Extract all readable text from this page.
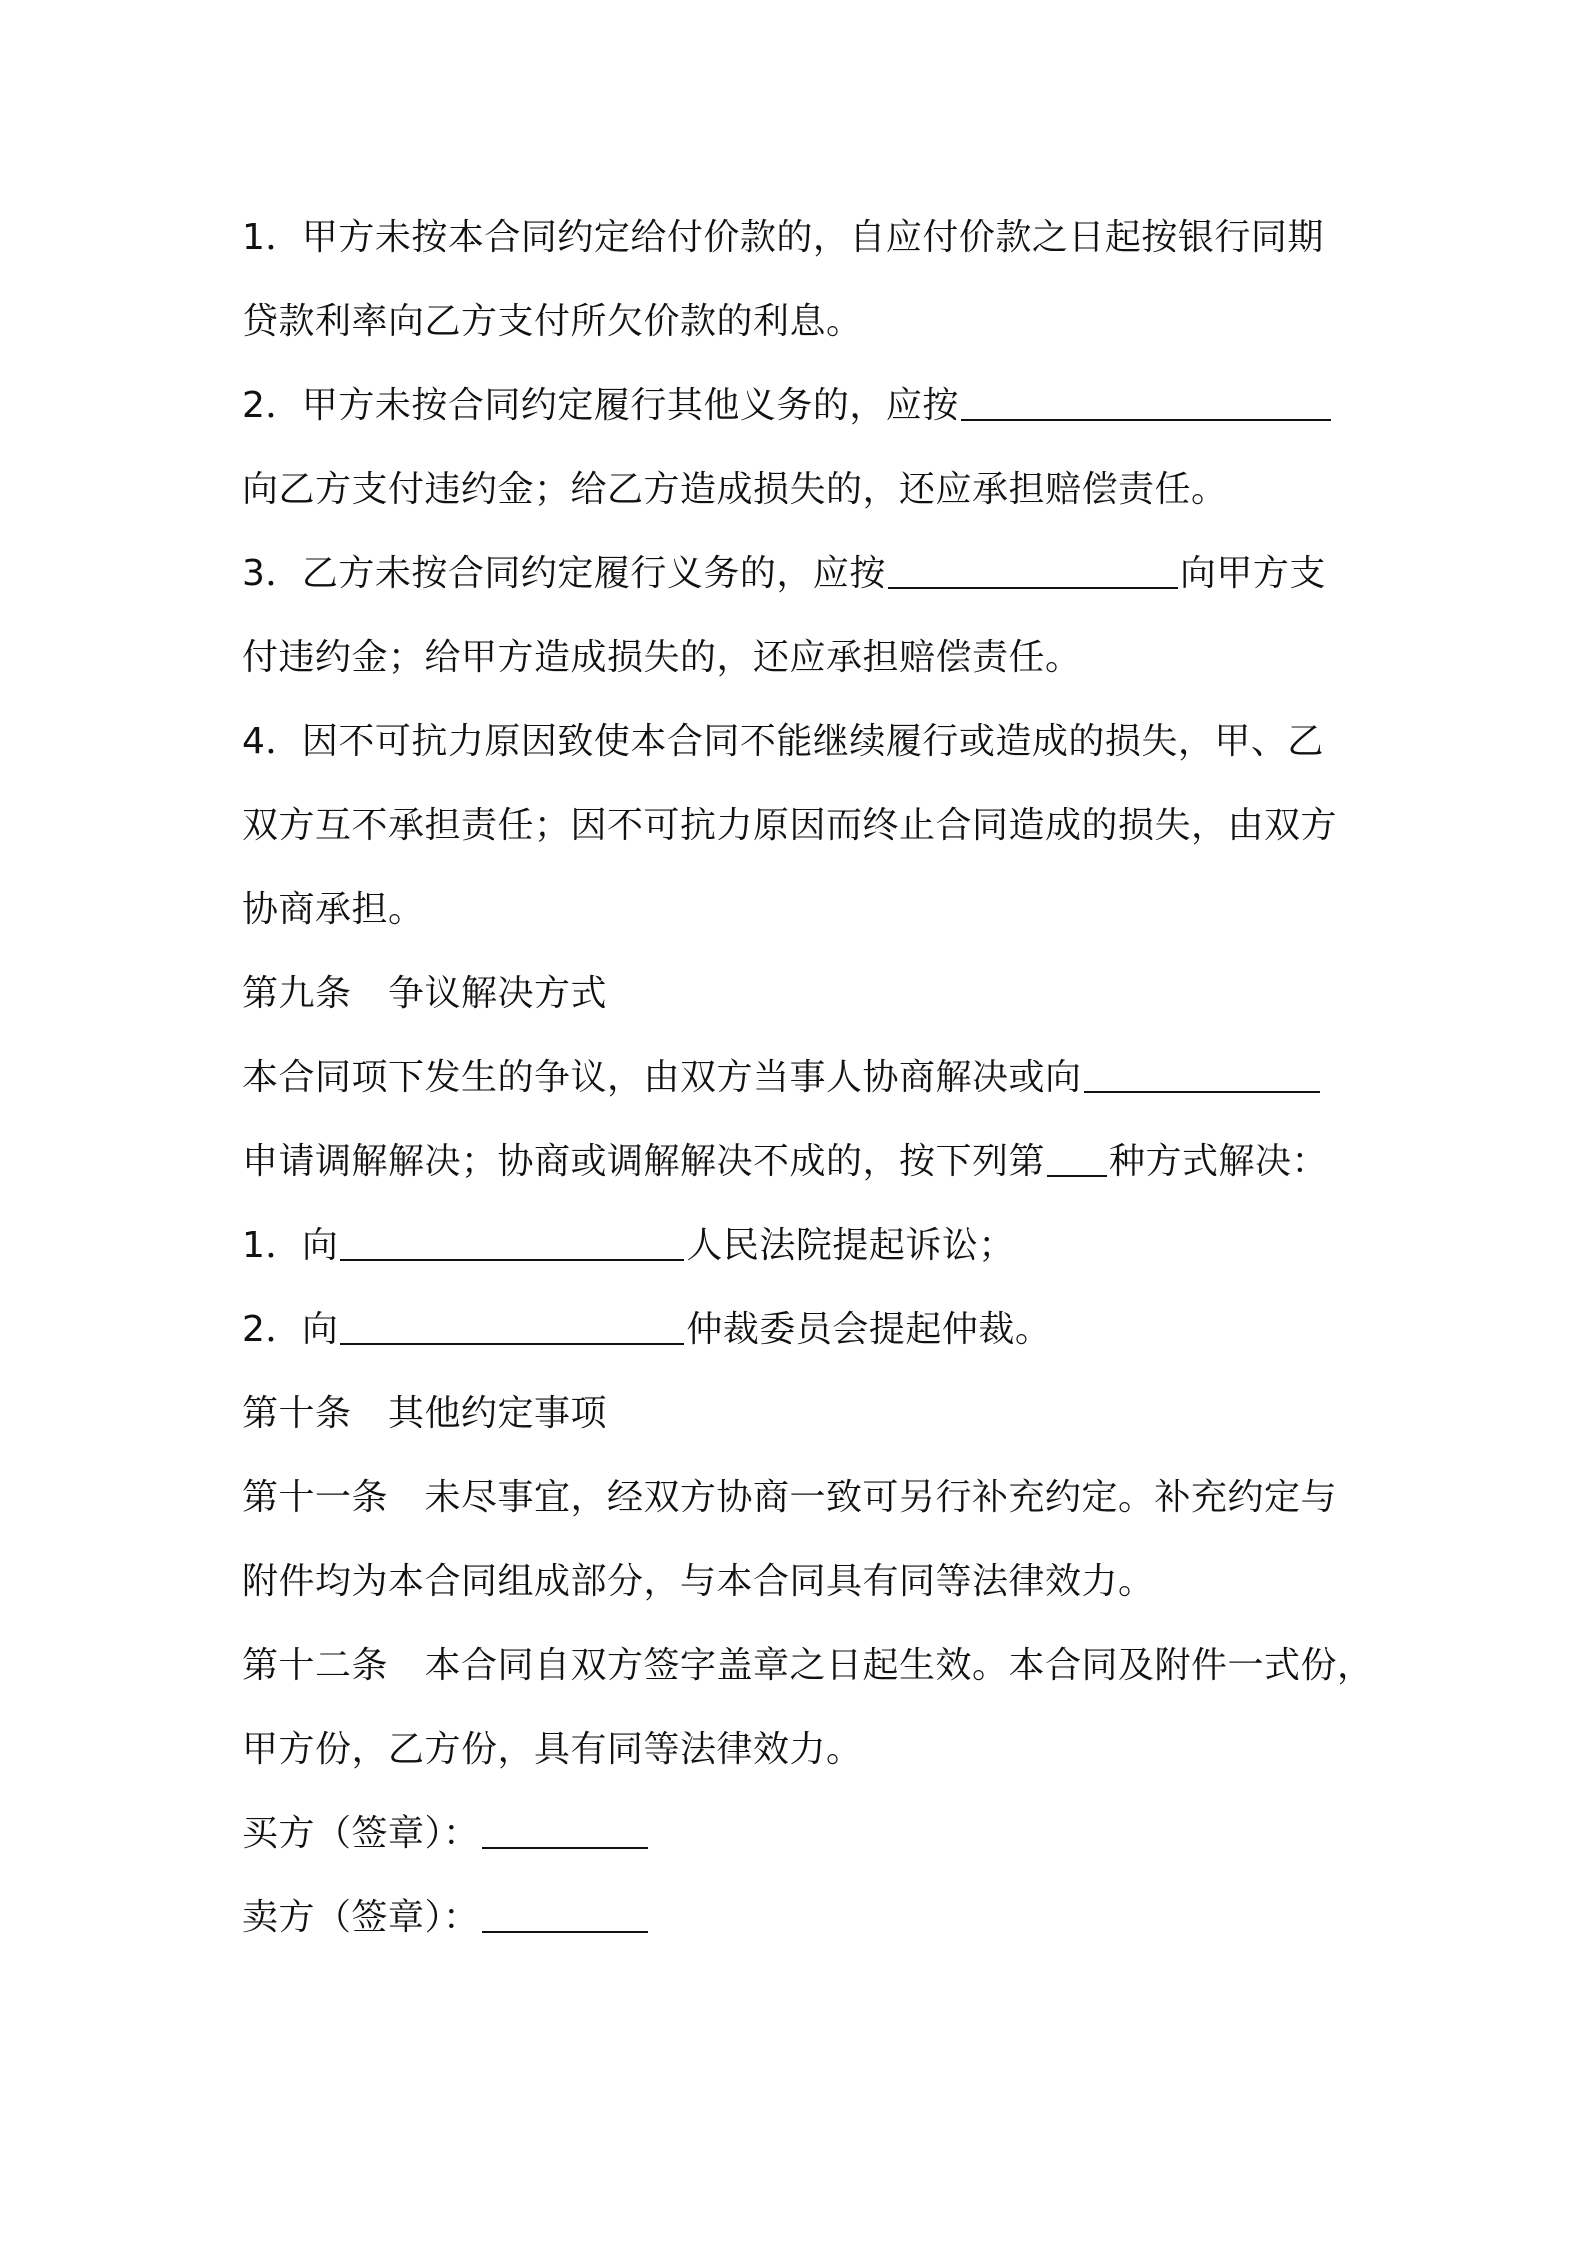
1．甲方未按本合同约定给付价款的，自应付价款之日起按银行同期
贷款利率向乙方支付所欠价款的利息。
2．甲方未按合同约定履行其他义务的，应按
向乙方支付违约金；给乙方造成损失的，还应承担赔偿责任。
3．乙方未按合同约定履行义务的，应按	向甲方支
付违约金；给甲方造成损失的，还应承担赔偿责任。
4．因不可抗力原因致使本合同不能继续履行或造成的损失，甲、乙
双方互不承担责任；因不可抗力原因而终止合同造成的损失，由双方
协商承担。
第九条　争议解决方式
本合同项下发生的争议，由双方当事人协商解决或向
申请调解解决；协商或调解解决不成的，按下列第 种方式解决：
1．向	人民法院提起诉讼；
2．向	仲裁委员会提起仲裁。
第十条　其他约定事项
第十一条　未尽事宜，经双方协商一致可另行补充约定。补充约定与
附件均为本合同组成部分，与本合同具有同等法律效力。
第十二条　本合同自双方签字盖章之日起生效。本合同及附件一式份，
甲方份，乙方份，具有同等法律效力。
买方（签章）：
卖方（签章）：
